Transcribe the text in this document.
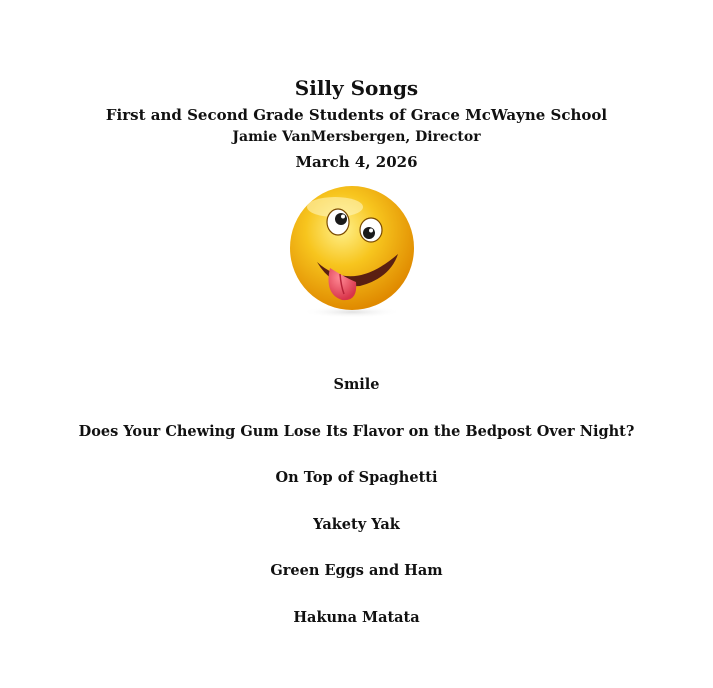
Silly Songs
First and Second Grade Students of Grace McWayne School
Jamie VanMersbergen, Director
March 4, 2026
Smile
Does Your Chewing Gum Lose Its Flavor on the Bedpost Over Night?
On Top of Spaghetti
Yakety Yak
Green Eggs and Ham
Hakuna Matata
